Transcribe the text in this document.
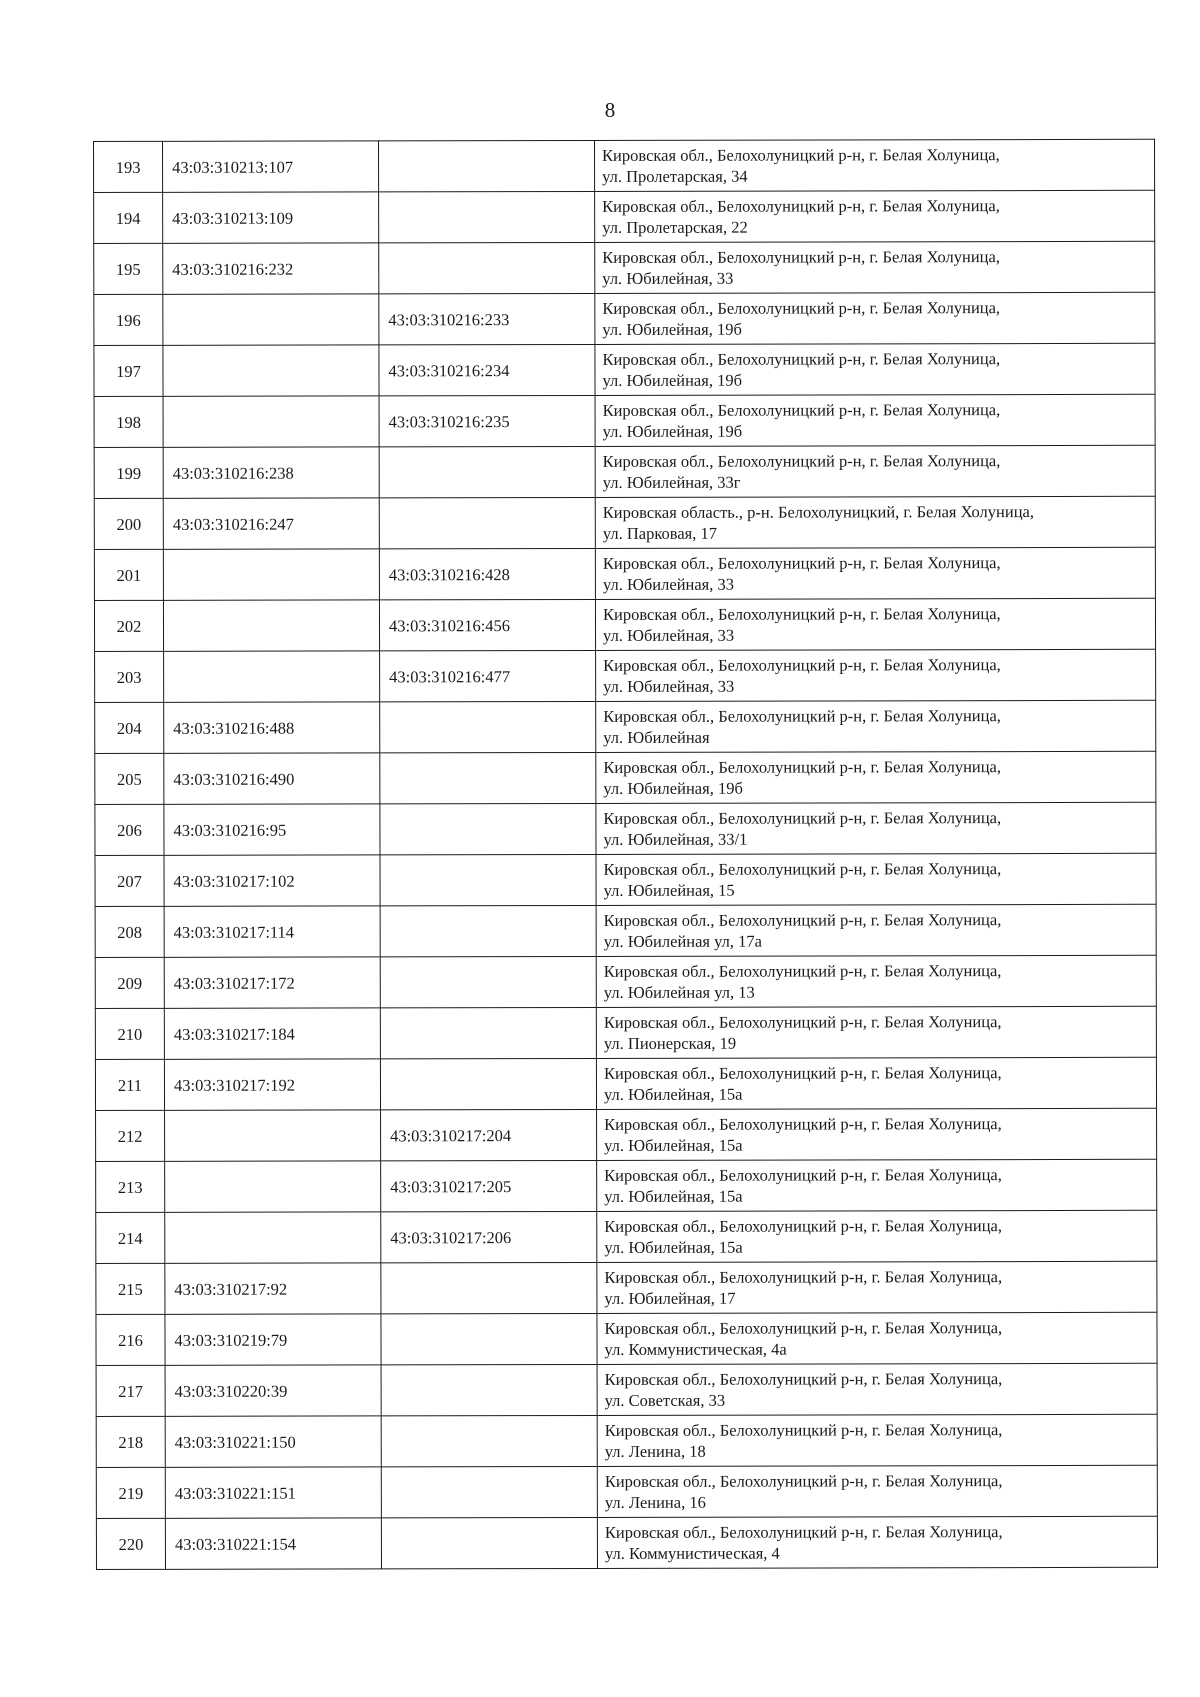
8
193	43:03:310213:107		Кировская обл., Белохолуницкий р-н, г. Белая Холуница,
ул. Пролетарская, 34

194	43:03:310213:109		Кировская обл., Белохолуницкий р-н, г. Белая Холуница,
ул. Пролетарская, 22

195	43:03:310216:232		Кировская обл., Белохолуницкий р-н, г. Белая Холуница,
ул. Юбилейная, 33

196		43:03:310216:233	Кировская обл., Белохолуницкий р-н, г. Белая Холуница,
ул. Юбилейная, 19б

197		43:03:310216:234	Кировская обл., Белохолуницкий р-н, г. Белая Холуница,
ул. Юбилейная, 19б

198		43:03:310216:235	Кировская обл., Белохолуницкий р-н, г. Белая Холуница,
ул. Юбилейная, 19б

199	43:03:310216:238		Кировская обл., Белохолуницкий р-н, г. Белая Холуница,
ул. Юбилейная, 33г

200	43:03:310216:247		Кировская область., р-н. Белохолуницкий, г. Белая Холуница,
ул. Парковая, 17

201		43:03:310216:428	Кировская обл., Белохолуницкий р-н, г. Белая Холуница,
ул. Юбилейная, 33

202		43:03:310216:456	Кировская обл., Белохолуницкий р-н, г. Белая Холуница,
ул. Юбилейная, 33

203		43:03:310216:477	Кировская обл., Белохолуницкий р-н, г. Белая Холуница,
ул. Юбилейная, 33

204	43:03:310216:488		Кировская обл., Белохолуницкий р-н, г. Белая Холуница,
ул. Юбилейная

205	43:03:310216:490		Кировская обл., Белохолуницкий р-н, г. Белая Холуница,
ул. Юбилейная, 19б

206	43:03:310216:95		Кировская обл., Белохолуницкий р-н, г. Белая Холуница,
ул. Юбилейная, 33/1

207	43:03:310217:102		Кировская обл., Белохолуницкий р-н, г. Белая Холуница,
ул. Юбилейная, 15

208	43:03:310217:114		Кировская обл., Белохолуницкий р-н, г. Белая Холуница,
ул. Юбилейная ул, 17а

209	43:03:310217:172		Кировская обл., Белохолуницкий р-н, г. Белая Холуница,
ул. Юбилейная ул, 13

210	43:03:310217:184		Кировская обл., Белохолуницкий р-н, г. Белая Холуница,
ул. Пионерская, 19

211	43:03:310217:192		Кировская обл., Белохолуницкий р-н, г. Белая Холуница,
ул. Юбилейная, 15а

212		43:03:310217:204	Кировская обл., Белохолуницкий р-н, г. Белая Холуница,
ул. Юбилейная, 15а

213		43:03:310217:205	Кировская обл., Белохолуницкий р-н, г. Белая Холуница,
ул. Юбилейная, 15а

214		43:03:310217:206	Кировская обл., Белохолуницкий р-н, г. Белая Холуница,
ул. Юбилейная, 15а

215	43:03:310217:92		Кировская обл., Белохолуницкий р-н, г. Белая Холуница,
ул. Юбилейная, 17

216	43:03:310219:79		Кировская обл., Белохолуницкий р-н, г. Белая Холуница,
ул. Коммунистическая, 4а

217	43:03:310220:39		Кировская обл., Белохолуницкий р-н, г. Белая Холуница,
ул. Советская, 33

218	43:03:310221:150		Кировская обл., Белохолуницкий р-н, г. Белая Холуница,
ул. Ленина, 18

219	43:03:310221:151		Кировская обл., Белохолуницкий р-н, г. Белая Холуница,
ул. Ленина, 16

220	43:03:310221:154		Кировская обл., Белохолуницкий р-н, г. Белая Холуница,
ул. Коммунистическая, 4
